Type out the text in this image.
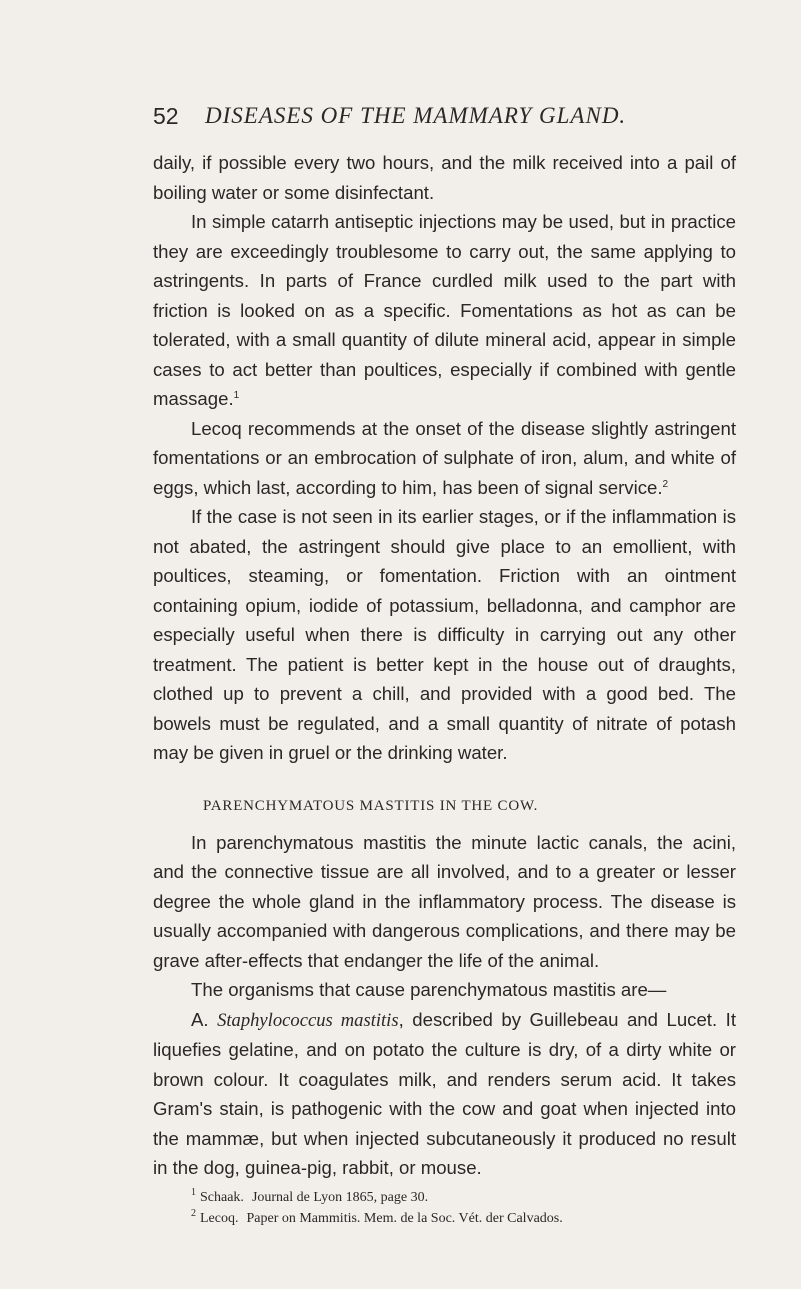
52 DISEASES OF THE MAMMARY GLAND.

daily, if possible every two hours, and the milk received into a pail of boiling water or some disinfectant.

In simple catarrh antiseptic injections may be used, but in practice they are exceedingly troublesome to carry out, the same applying to astringents. In parts of France curdled milk used to the part with friction is looked on as a specific. Fomentations as hot as can be tolerated, with a small quantity of dilute mineral acid, appear in simple cases to act better than poultices, especially if combined with gentle massage.$^1$

Lecoq recommends at the onset of the disease slightly astringent fomentations or an embrocation of sulphate of iron, alum, and white of eggs, which last, according to him, has been of signal service.$^2$

If the case is not seen in its earlier stages, or if the inflammation is not abated, the astringent should give place to an emollient, with poultices, steaming, or fomentation. Friction with an ointment containing opium, iodide of potassium, belladonna, and camphor are especially useful when there is difficulty in carrying out any other treatment. The patient is better kept in the house out of draughts, clothed up to prevent a chill, and provided with a good bed. The bowels must be regulated, and a small quantity of nitrate of potash may be given in gruel or the drinking water.

PARENCHYMATOUS MASTITIS IN THE COW.

In parenchymatous mastitis the minute lactic canals, the acini, and the connective tissue are all involved, and to a greater or lesser degree the whole gland in the inflammatory process. The disease is usually accompanied with dangerous complications, and there may be grave after-effects that endanger the life of the animal.

The organisms that cause parenchymatous mastitis are—

A. Staphylococcus mastitis, described by Guillebeau and Lucet. It liquefies gelatine, and on potato the culture is dry, of a dirty white or brown colour. It coagulates milk, and renders serum acid. It takes Gram's stain, is pathogenic with the cow and goat when injected into the mammæ, but when injected subcutaneously it produced no result in the dog, guinea-pig, rabbit, or mouse.

$^1$ Schaak. Journal de Lyon 1865, page 30.
$^2$ Lecoq. Paper on Mammitis. Mem. de la Soc. Vét. der Calvados.
